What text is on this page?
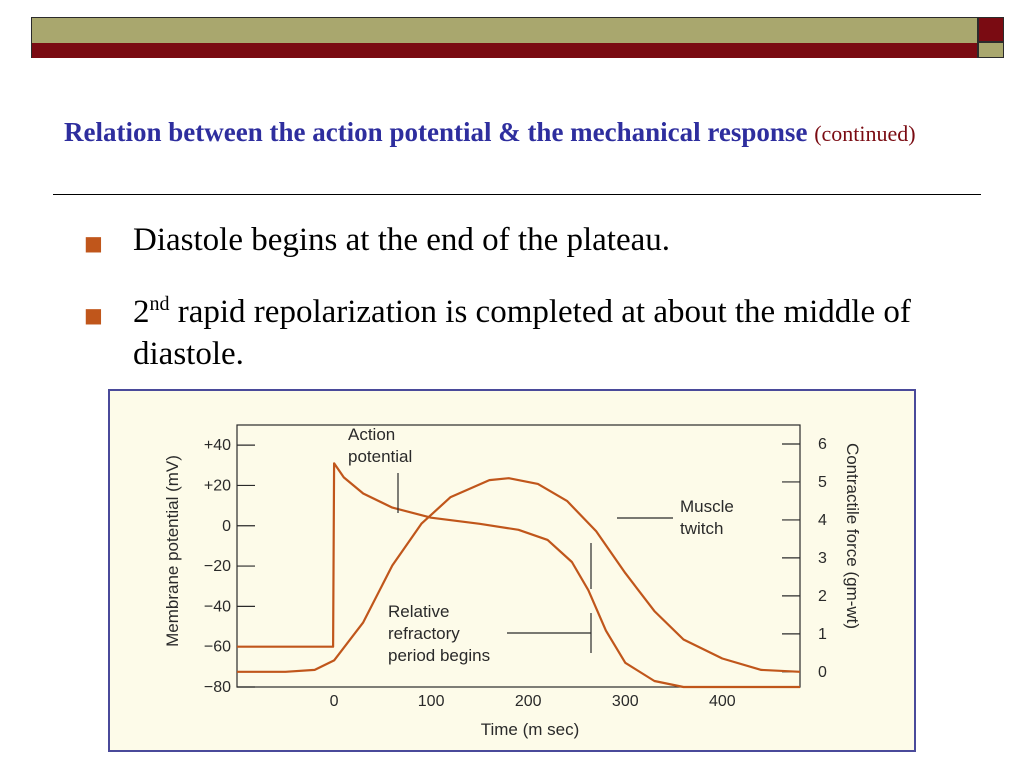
Relation between the action potential & the mechanical response (continued)
■ Diastole begins at the end of the plateau.
■ 2nd rapid repolarization is completed at about the middle of diastole.
+40
+20
0
−20
−40
−60
−80
6
5
4
3
2
1
0
0	100	200	300	400
Action
potential
Muscle
twitch
Relative
refractory
period begins
Membrane potential (mV)	Contractile force (gm-wt)
Time (m sec)
